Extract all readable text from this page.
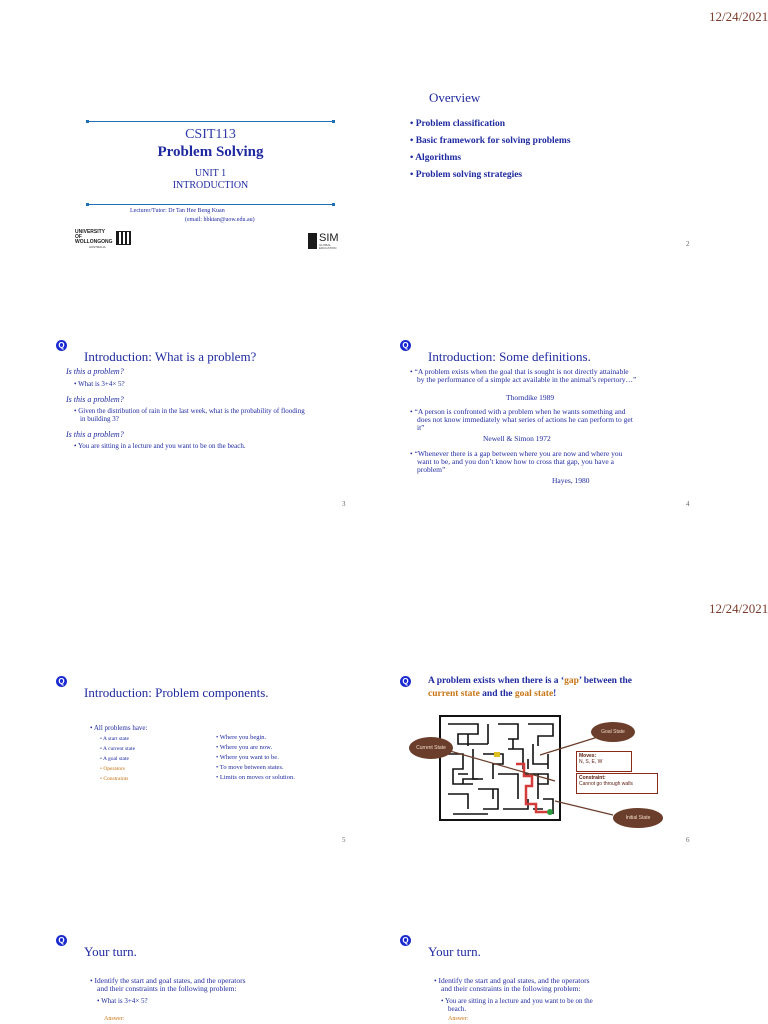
12/24/2021
12/24/2021
CSIT113
Problem Solving
UNIT 1
INTRODUCTION
Lecturer/Tutor: Dr Tan Hee Beng Kuan
(email: hbktan@uow.edu.au)
UNIVERSITY OF WOLLONGONG
AUSTRALIA
SIM
GLOBAL EDUCATION
Overview
• Problem classification
• Basic framework for solving problems
• Algorithms
• Problem solving strategies
2
Q
Introduction: What is a problem?
Is this a problem?
• What is 3+4× 5?
Is this a problem?
• Given the distribution of rain in the last week, what is the probability of flooding
in building 3?
Is this a problem?
• You are sitting in a lecture and you want to be on the beach.
3
Q
Introduction: Some definitions.
• “A problem exists when the goal that is sought is not directly attainable
by the performance of a simple act available in the animal’s repertory…”
Thorndike 1989
• “A person is confronted with a problem when he wants something and
does not know immediately what series of actions he can perform to get
it”
Newell & Simon 1972
• “Whenever there is a gap between where you are now and where you
want to be, and you don’t know how to cross that gap, you have a
problem”
Hayes, 1980
4
Q
Introduction: Problem components.
• All problems have:
• A start state
• A current state
• A goal state
• Operators
• Constraints
• Where you begin.
• Where you are now.
• Where you want to be.
• To move between states.
• Limits on moves or solution.
5
Q A problem exists when there is a ‘gap’ between the
current state and the goal state!
Current State
Goal State
Initial State
Moves:
N, S, E, W
Constraint:
Cannot go through walls
6
Q
Your turn.
• Identify the start and goal states, and the operators
and their constraints in the following problem:
• What is 3+4× 5?
Answer:
Q
Your turn.
• Identify the start and goal states, and the operators
and their constraints in the following problem:
• You are sitting in a lecture and you want to be on the
beach.
Answer:
